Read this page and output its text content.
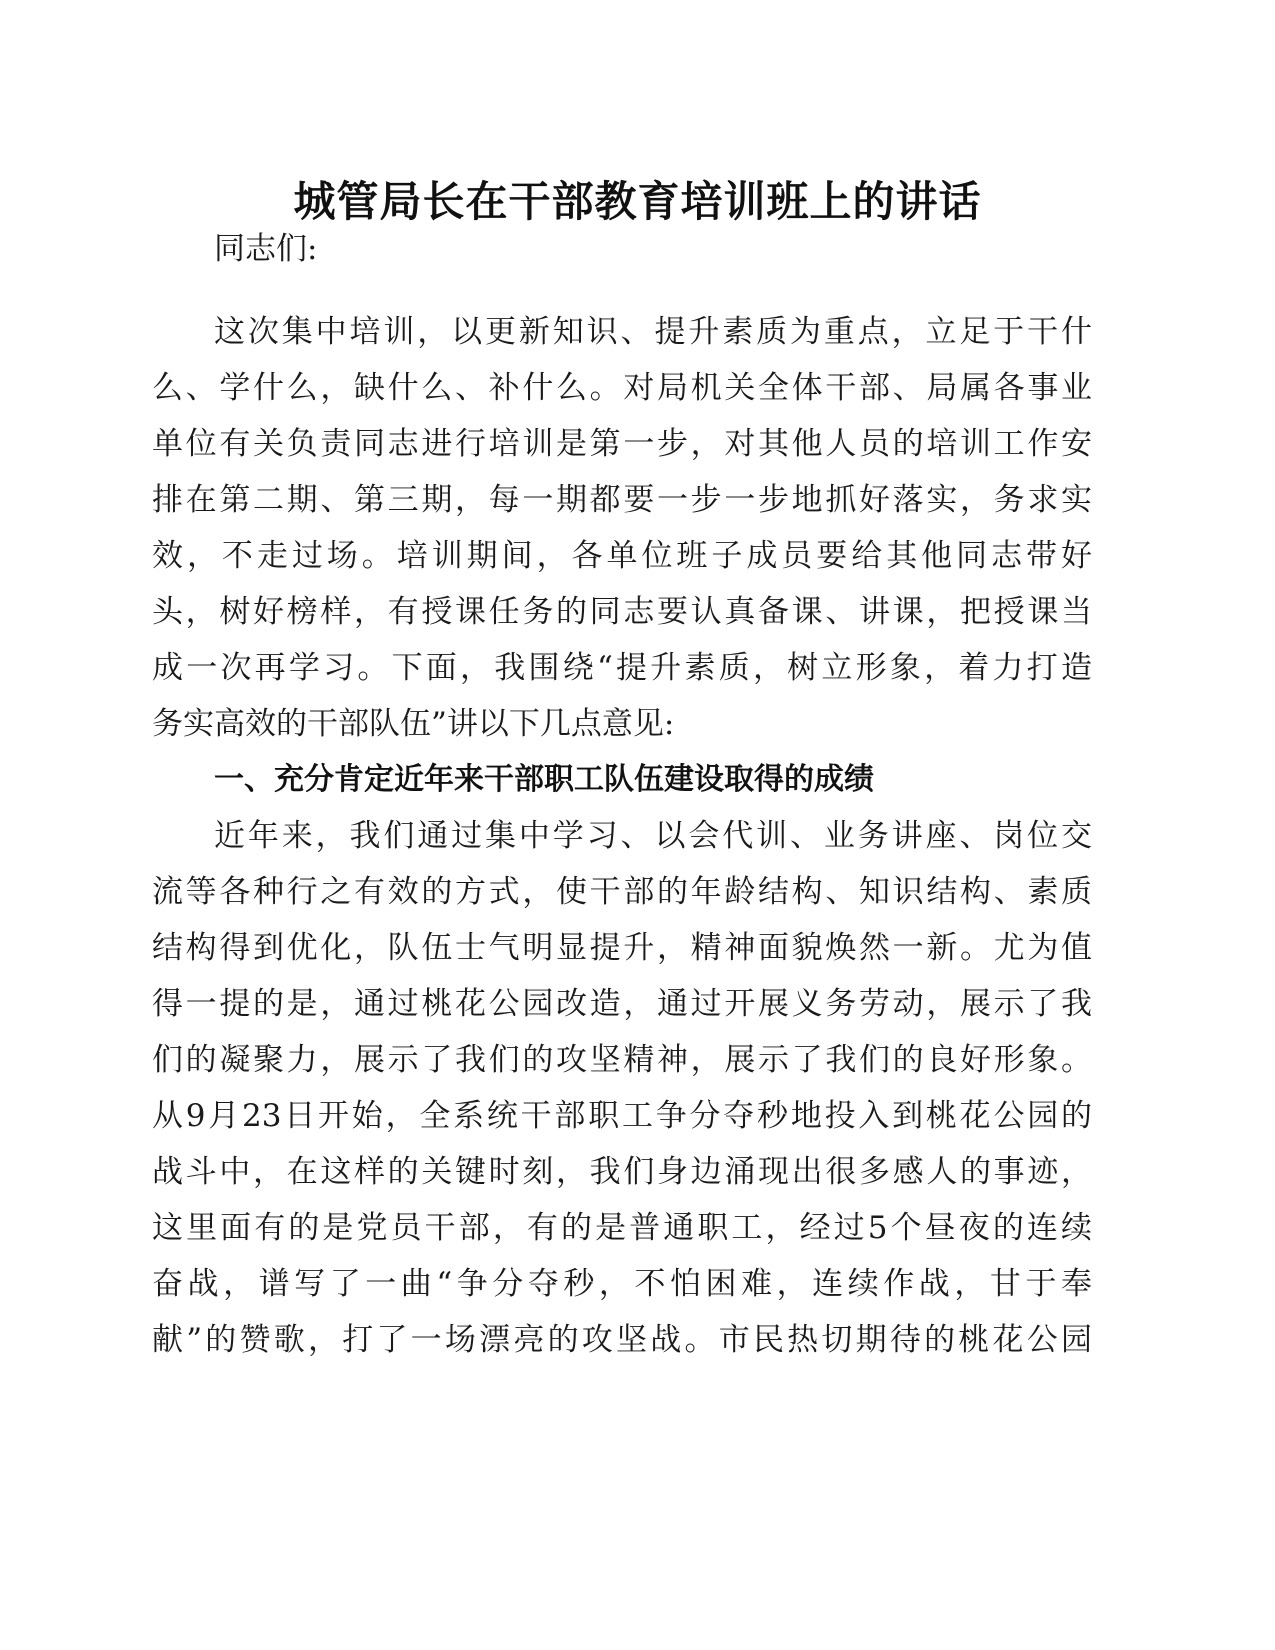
城管局长在干部教育培训班上的讲话
同志们:
这次集中培训，以更新知识、提升素质为重点，立足于干什
么、学什么，缺什么、补什么。对局机关全体干部、局属各事业
单位有关负责同志进行培训是第一步，对其他人员的培训工作安
排在第二期、第三期，每一期都要一步一步地抓好落实，务求实
效，不走过场。培训期间，各单位班子成员要给其他同志带好
头，树好榜样，有授课任务的同志要认真备课、讲课，把授课当
成一次再学习。下面，我围绕“提升素质，树立形象，着力打造
务实高效的干部队伍”讲以下几点意见:
一、充分肯定近年来干部职工队伍建设取得的成绩
近年来，我们通过集中学习、以会代训、业务讲座、岗位交
流等各种行之有效的方式，使干部的年龄结构、知识结构、素质
结构得到优化，队伍士气明显提升，精神面貌焕然一新。尤为值
得一提的是，通过桃花公园改造，通过开展义务劳动，展示了我
们的凝聚力，展示了我们的攻坚精神，展示了我们的良好形象。
从9月23日开始，全系统干部职工争分夺秒地投入到桃花公园的
战斗中，在这样的关键时刻，我们身边涌现出很多感人的事迹，
这里面有的是党员干部，有的是普通职工，经过5个昼夜的连续
奋战，谱写了一曲“争分夺秒，不怕困难，连续作战，甘于奉
献”的赞歌，打了一场漂亮的攻坚战。市民热切期待的桃花公园
